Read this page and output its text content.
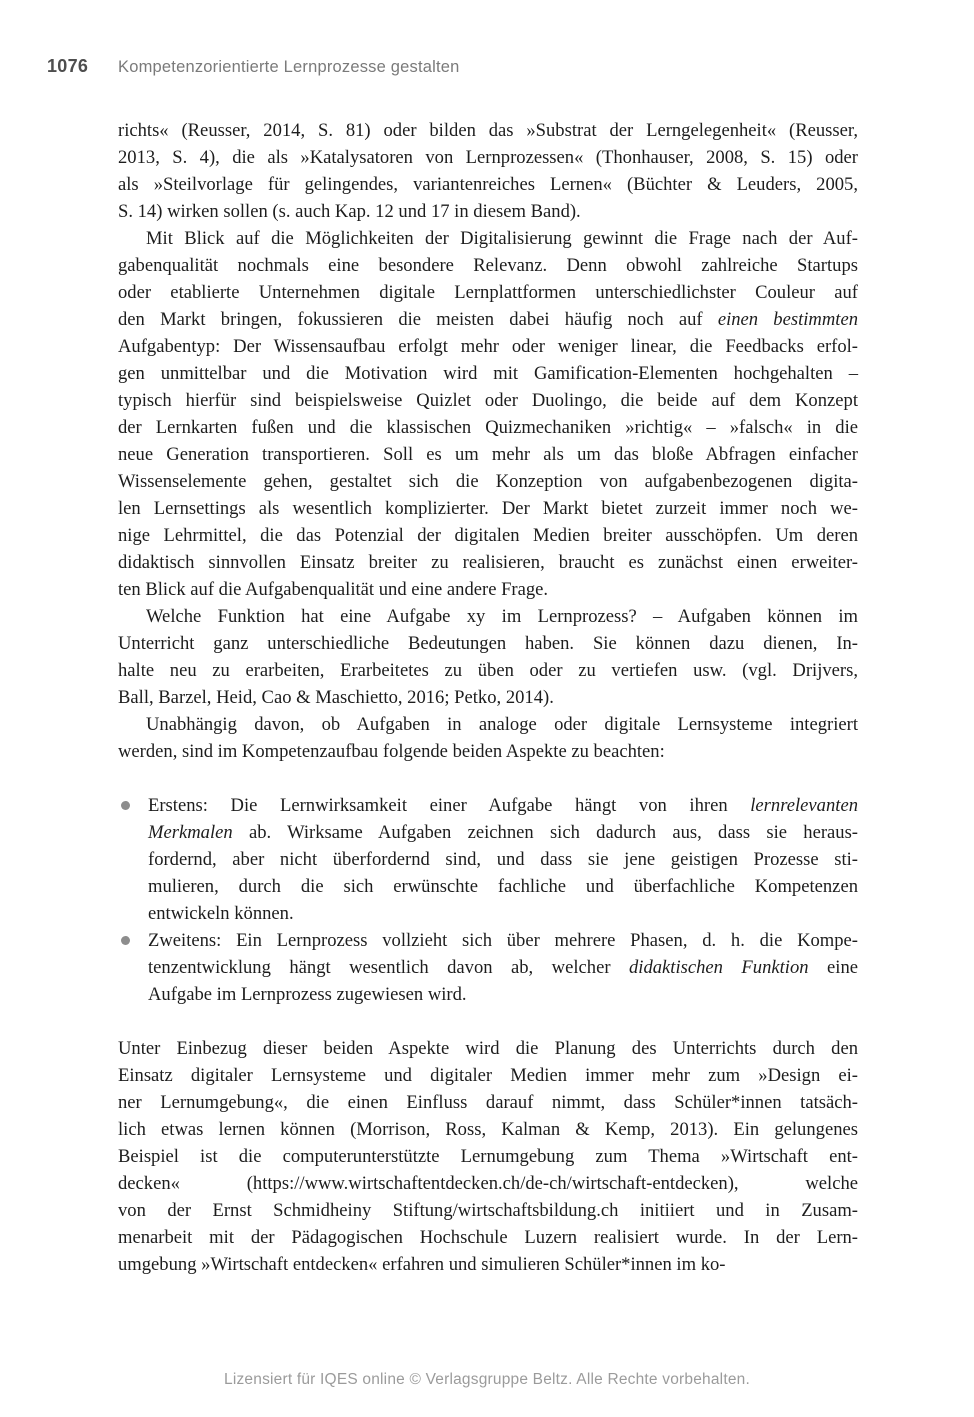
1076	Kompetenzorientierte Lernprozesse gestalten
richts« (Reusser, 2014, S. 81) oder bilden das »Substrat der Lerngelegenheit« (Reusser,
2013, S. 4), die als »Katalysatoren von Lernprozessen« (Thonhauser, 2008, S. 15) oder
als »Steilvorlage für gelingendes, variantenreiches Lernen« (Büchter & Leuders, 2005,
S. 14) wirken sollen (s. auch Kap. 12 und 17 in diesem Band).
Mit Blick auf die Möglichkeiten der Digitalisierung gewinnt die Frage nach der Auf-
gabenqualität nochmals eine besondere Relevanz. Denn obwohl zahlreiche Startups
oder etablierte Unternehmen digitale Lernplattformen unterschiedlichster Couleur auf
den Markt bringen, fokussieren die meisten dabei häufig noch auf einen bestimmten
Aufgabentyp: Der Wissensaufbau erfolgt mehr oder weniger linear, die Feedbacks erfol-
gen unmittelbar und die Motivation wird mit Gamification-Elementen hochgehalten –
typisch hierfür sind beispielsweise Quizlet oder Duolingo, die beide auf dem Konzept
der Lernkarten fußen und die klassischen Quizmechaniken »richtig« – »falsch« in die
neue Generation transportieren. Soll es um mehr als um das bloße Abfragen einfacher
Wissenselemente gehen, gestaltet sich die Konzeption von aufgabenbezogenen digita-
len Lernsettings als wesentlich komplizierter. Der Markt bietet zurzeit immer noch we-
nige Lehrmittel, die das Potenzial der digitalen Medien breiter ausschöpfen. Um deren
didaktisch sinnvollen Einsatz breiter zu realisieren, braucht es zunächst einen erweiter-
ten Blick auf die Aufgabenqualität und eine andere Frage.
Welche Funktion hat eine Aufgabe xy im Lernprozess? – Aufgaben können im
Unterricht ganz unterschiedliche Bedeutungen haben. Sie können dazu dienen, In-
halte neu zu erarbeiten, Erarbeitetes zu üben oder zu vertiefen usw. (vgl. Drijvers,
Ball, Barzel, Heid, Cao & Maschietto, 2016; Petko, 2014).
Unabhängig davon, ob Aufgaben in analoge oder digitale Lernsysteme integriert
werden, sind im Kompetenzaufbau folgende beiden Aspekte zu beachten:
Erstens: Die Lernwirksamkeit einer Aufgabe hängt von ihren lernrelevanten
Merkmalen ab. Wirksame Aufgaben zeichnen sich dadurch aus, dass sie heraus-
fordernd, aber nicht überfordernd sind, und dass sie jene geistigen Prozesse sti-
mulieren, durch die sich erwünschte fachliche und überfachliche Kompetenzen
entwickeln können.
Zweitens: Ein Lernprozess vollzieht sich über mehrere Phasen, d. h. die Kompe-
tenzentwicklung hängt wesentlich davon ab, welcher didaktischen Funktion eine
Aufgabe im Lernprozess zugewiesen wird.
Unter Einbezug dieser beiden Aspekte wird die Planung des Unterrichts durch den
Einsatz digitaler Lernsysteme und digitaler Medien immer mehr zum »Design ei-
ner Lernumgebung«, die einen Einfluss darauf nimmt, dass Schüler*innen tatsäch-
lich etwas lernen können (Morrison, Ross, Kalman & Kemp, 2013). Ein gelungenes
Beispiel ist die computerunterstützte Lernumgebung zum Thema »Wirtschaft ent-
decken« (https://www.wirtschaftentdecken.ch/de-ch/wirtschaft-entdecken), welche
von der Ernst Schmidheiny Stiftung/wirtschaftsbildung.ch initiiert und in Zusam-
menarbeit mit der Pädagogischen Hochschule Luzern realisiert wurde. In der Lern-
umgebung »Wirtschaft entdecken« erfahren und simulieren Schüler*innen im ko-
Lizensiert für IQES online © Verlagsgruppe Beltz. Alle Rechte vorbehalten.
